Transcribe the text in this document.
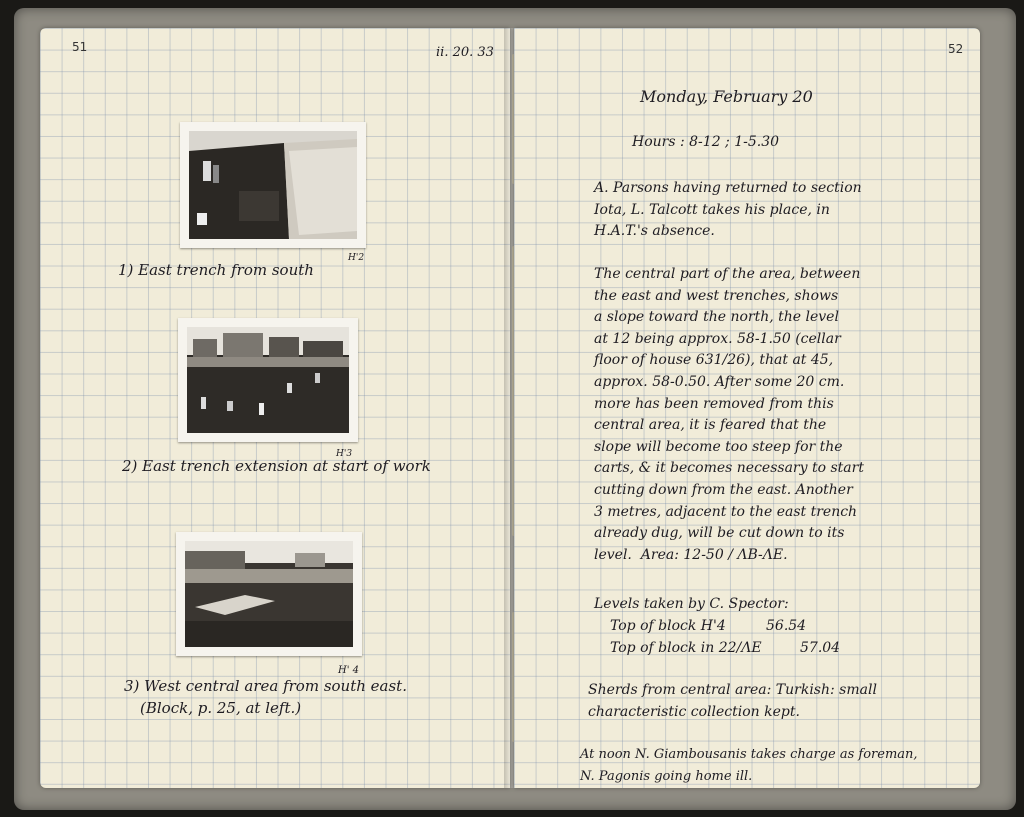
51	ii. 20. 33
H'2
1) East trench from south
H'3
2) East trench extension at start of work
H' 4
3) West central area from south east.
(Block, p. 25, at left.)
52
Monday, February 20
Hours : 8-12 ; 1-5.30
A. Parsons having returned to section
Iota, L. Talcott takes his place, in
H.A.T.'s absence.
The central part of the area, between
the east and west trenches, shows
a slope toward the north, the level
at 12 being approx. 58-1.50 (cellar
floor of house 631/26), that at 45,
approx. 58-0.50. After some 20 cm.
more has been removed from this
central area, it is feared that the
slope will become too steep for the
carts, & it becomes necessary to start
cutting down from the east. Another
3 metres, adjacent to the east trench
already dug, will be cut down to its
level.  Area: 12-50 / ΛB-ΛE.
Levels taken by C. Spector:
Top of block H'4	56.54
Top of block in 22/ΛE	57.04
Sherds from central area: Turkish: small
characteristic collection kept.
At noon N. Giambousanis takes charge as foreman,
N. Pagonis going home ill.
